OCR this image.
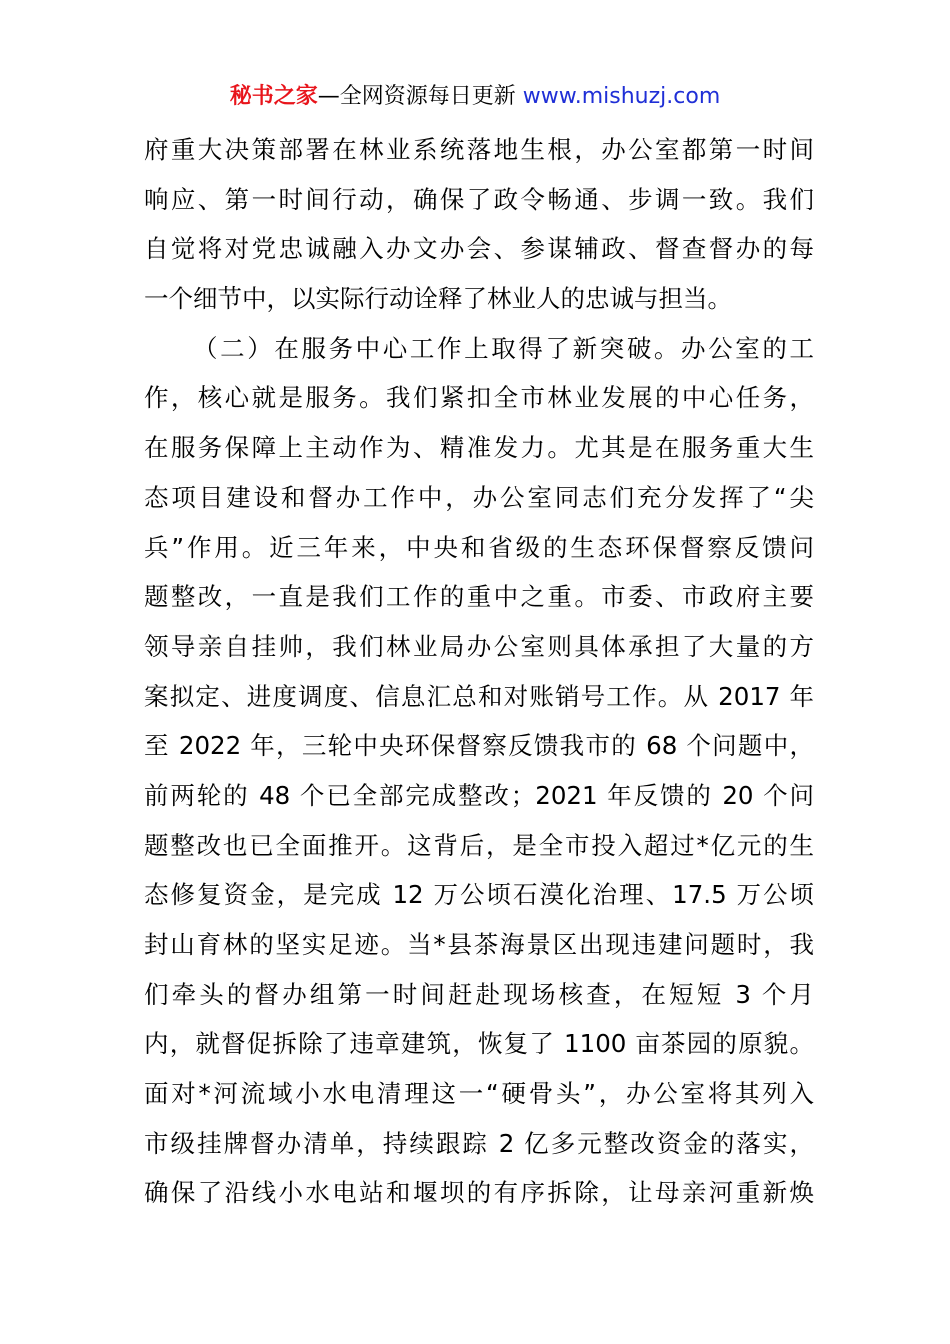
秘书之家—全网资源每日更新 www.mishuzj.com
府重大决策部署在林业系统落地生根，办公室都第一时间
响应、第一时间行动，确保了政令畅通、步调一致。我们
自觉将对党忠诚融入办文办会、参谋辅政、督查督办的每
一个细节中，以实际行动诠释了林业人的忠诚与担当。
（二）在服务中心工作上取得了新突破。办公室的工
作，核心就是服务。我们紧扣全市林业发展的中心任务，
在服务保障上主动作为、精准发力。尤其是在服务重大生
态项目建设和督办工作中，办公室同志们充分发挥了“尖
兵”作用。近三年来，中央和省级的生态环保督察反馈问
题整改，一直是我们工作的重中之重。市委、市政府主要
领导亲自挂帅，我们林业局办公室则具体承担了大量的方
案拟定、进度调度、信息汇总和对账销号工作。从 2017 年
至 2022 年，三轮中央环保督察反馈我市的 68 个问题中，
前两轮的 48 个已全部完成整改；2021 年反馈的 20 个问
题整改也已全面推开。这背后，是全市投入超过*亿元的生
态修复资金，是完成 12 万公顷石漠化治理、17.5 万公顷
封山育林的坚实足迹。当*县茶海景区出现违建问题时，我
们牵头的督办组第一时间赶赴现场核查，在短短 3 个月
内，就督促拆除了违章建筑，恢复了 1100 亩茶园的原貌。
面对*河流域小水电清理这一“硬骨头”，办公室将其列入
市级挂牌督办清单，持续跟踪 2 亿多元整改资金的落实，
确保了沿线小水电站和堰坝的有序拆除，让母亲河重新焕
